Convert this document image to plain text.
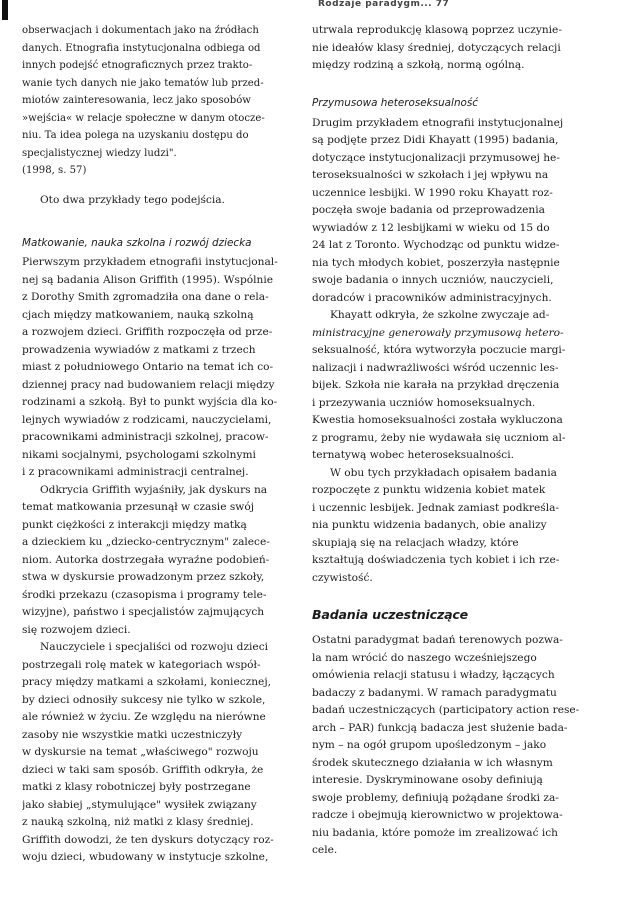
Rodzaje paradygm... 77
obserwacjach i dokumentach jako na źródłach
danych. Etnografia instytucjonalna odbiega od
innych podejść etnograficznych przez trakto-
wanie tych danych nie jako tematów lub przed-
miotów zainteresowania, lecz jako sposobów
»wejścia« w relacje społeczne w danym otocze-
niu. Ta idea polega na uzyskaniu dostępu do
specjalistycznej wiedzy ludzi".
(1998, s. 57)

Oto dwa przykłady tego podejścia.

Matkowanie, nauka szkolna i rozwój dziecka

Pierwszym przykładem etnografii instytucjonal-
nej są badania Alison Griffith (1995). Wspólnie
z Dorothy Smith zgromadziła ona dane o rela-
cjach między matkowaniem, nauką szkolną
a rozwojem dzieci. Griffith rozpoczęła od prze-
prowadzenia wywiadów z matkami z trzech
miast z południowego Ontario na temat ich co-
dziennej pracy nad budowaniem relacji między
rodzinami a szkołą. Był to punkt wyjścia dla ko-
lejnych wywiadów z rodzicami, nauczycielami,
pracownikami administracji szkolnej, pracow-
nikami socjalnymi, psychologami szkolnymi
i z pracownikami administracji centralnej.
Odkrycia Griffith wyjaśniły, jak dyskurs na
temat matkowania przesunął w czasie swój
punkt ciężkości z interakcji między matką
a dzieckiem ku „dziecko-centrycznym" zalece-
niom. Autorka dostrzegała wyraźne podobień-
stwa w dyskursie prowadzonym przez szkoły,
środki przekazu (czasopisma i programy tele-
wizyjne), państwo i specjalistów zajmujących
się rozwojem dzieci.
Nauczyciele i specjaliści od rozwoju dzieci
postrzegali rolę matek w kategoriach współ-
pracy między matkami a szkołami, koniecznej,
by dzieci odnosiły sukcesy nie tylko w szkole,
ale również w życiu. Ze względu na nierówne
zasoby nie wszystkie matki uczestniczyły
w dyskursie na temat „właściwego" rozwoju
dzieci w taki sam sposób. Griffith odkryła, że
matki z klasy robotniczej były postrzegane
jako słabiej „stymulujące" wysiłek związany
z nauką szkolną, niż matki z klasy średniej.
Griffith dowodzi, że ten dyskurs dotyczący roz-
woju dzieci, wbudowany w instytucje szkolne,
utrwala reprodukcję klasową poprzez uczynie-
nie ideałów klasy średniej, dotyczących relacji
między rodziną a szkołą, normą ogólną.

Przymusowa heteroseksualność

Drugim przykładem etnografii instytucjonalnej
są podjęte przez Didi Khayatt (1995) badania,
dotyczące instytucjonalizacji przymusowej he-
teroseksualności w szkołach i jej wpływu na
uczennice lesbijki. W 1990 roku Khayatt roz-
poczęła swoje badania od przeprowadzenia
wywiadów z 12 lesbijkami w wieku od 15 do
24 lat z Toronto. Wychodząc od punktu widze-
nia tych młodych kobiet, poszerzyła następnie
swoje badania o innych uczniów, nauczycieli,
doradców i pracowników administracyjnych.
Khayatt odkryła, że szkolne zwyczaje ad-
ministracyjne generowały przymusową hetero-
seksualność, która wytworzyła poczucie margi-
nalizacji i nadwrażliwości wśród uczennic les-
bijek. Szkoła nie karała na przykład dręczenia
i przezywania uczniów homoseksualnych.
Kwestia homoseksualności została wykluczona
z programu, żeby nie wydawała się uczniom al-
ternatywą wobec heteroseksualności.
W obu tych przykładach opisałem badania
rozpoczęte z punktu widzenia kobiet matek
i uczennic lesbijek. Jednak zamiast podkreśla-
nia punktu widzenia badanych, obie analizy
skupiają się na relacjach władzy, które
kształtują doświadczenia tych kobiet i ich rze-
czywistość.

Badania uczestniczące

Ostatni paradygmat badań terenowych pozwa-
la nam wrócić do naszego wcześniejszego
omówienia relacji statusu i władzy, łączących
badaczy z badanymi. W ramach paradygmatu
badań uczestniczących (participatory action rese-
arch – PAR) funkcją badacza jest służenie bada-
nym – na ogół grupom upośledzonym – jako
środek skutecznego działania w ich własnym
interesie. Dyskryminowane osoby definiują
swoje problemy, definiują pożądane środki za-
radcze i obejmują kierownictwo w projektowa-
niu badania, które pomoże im zrealizować ich
cele.
